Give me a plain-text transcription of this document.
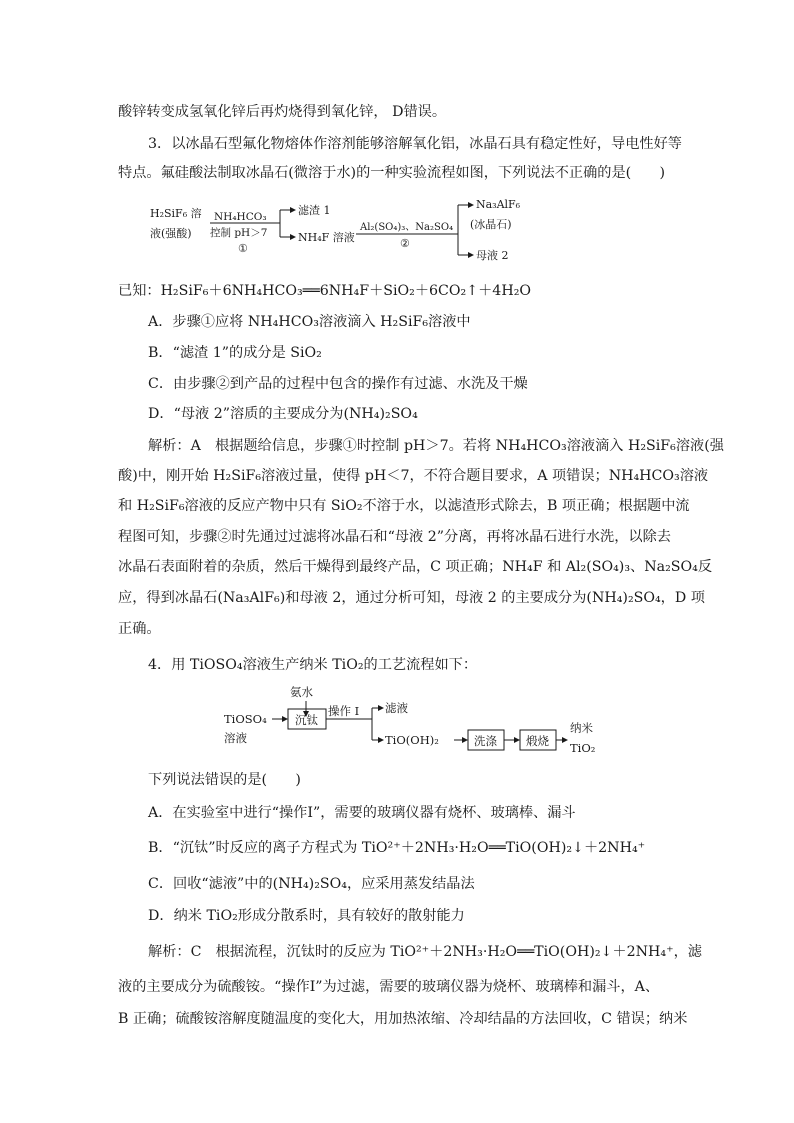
酸锌转变成氢氧化锌后再灼烧得到氧化锌， D错误。
3．以冰晶石型氟化物熔体作溶剂能够溶解氧化铝，冰晶石具有稳定性好，导电性好等
特点。氟硅酸法制取冰晶石(微溶于水)的一种实验流程如图，下列说法不正确的是(　　)
H₂SiF₆ 溶
液(强酸)
NH₄HCO₃
控制 pH＞7
①
滤渣 1
NH₄F 溶液
Al₂(SO₄)₃、Na₂SO₄
②
Na₃AlF₆
(冰晶石)
母液 2
已知：H₂SiF₆＋6NH₄HCO₃══6NH₄F＋SiO₂＋6CO₂↑＋4H₂O
A．步骤①应将 NH₄HCO₃溶液滴入 H₂SiF₆溶液中
B．“滤渣 1”的成分是 SiO₂
C．由步骤②到产品的过程中包含的操作有过滤、水洗及干燥
D．“母液 2”溶质的主要成分为(NH₄)₂SO₄
解析：A　根据题给信息，步骤①时控制 pH＞7。若将 NH₄HCO₃溶液滴入 H₂SiF₆溶液(强
酸)中，刚开始 H₂SiF₆溶液过量，使得 pH＜7，不符合题目要求，A 项错误；NH₄HCO₃溶液
和 H₂SiF₆溶液的反应产物中只有 SiO₂不溶于水，以滤渣形式除去，B 项正确；根据题中流
程图可知，步骤②时先通过过滤将冰晶石和“母液 2”分离，再将冰晶石进行水洗，以除去
冰晶石表面附着的杂质，然后干燥得到最终产品，C 项正确；NH₄F 和 Al₂(SO₄)₃、Na₂SO₄反
应，得到冰晶石(Na₃AlF₆)和母液 2，通过分析可知，母液 2 的主要成分为(NH₄)₂SO₄，D 项
正确。
4．用 TiOSO₄溶液生产纳米 TiO₂的工艺流程如下：
氨水
TiOSO₄
溶液
沉钛
操作 Ⅰ 滤液
TiO(OH)₂	洗涤	煅烧
纳米
TiO₂
下列说法错误的是(　　)
A．在实验室中进行“操作Ⅰ”，需要的玻璃仪器有烧杯、玻璃棒、漏斗
B．“沉钛”时反应的离子方程式为 TiO²⁺＋2NH₃·H₂O══TiO(OH)₂↓＋2NH₄⁺
C．回收“滤液”中的(NH₄)₂SO₄，应采用蒸发结晶法
D．纳米 TiO₂形成分散系时，具有较好的散射能力
解析：C　根据流程，沉钛时的反应为 TiO²⁺＋2NH₃·H₂O══TiO(OH)₂↓＋2NH₄⁺，滤
液的主要成分为硫酸铵。“操作Ⅰ”为过滤，需要的玻璃仪器为烧杯、玻璃棒和漏斗，A、
B 正确；硫酸铵溶解度随温度的变化大，用加热浓缩、冷却结晶的方法回收，C 错误；纳米
